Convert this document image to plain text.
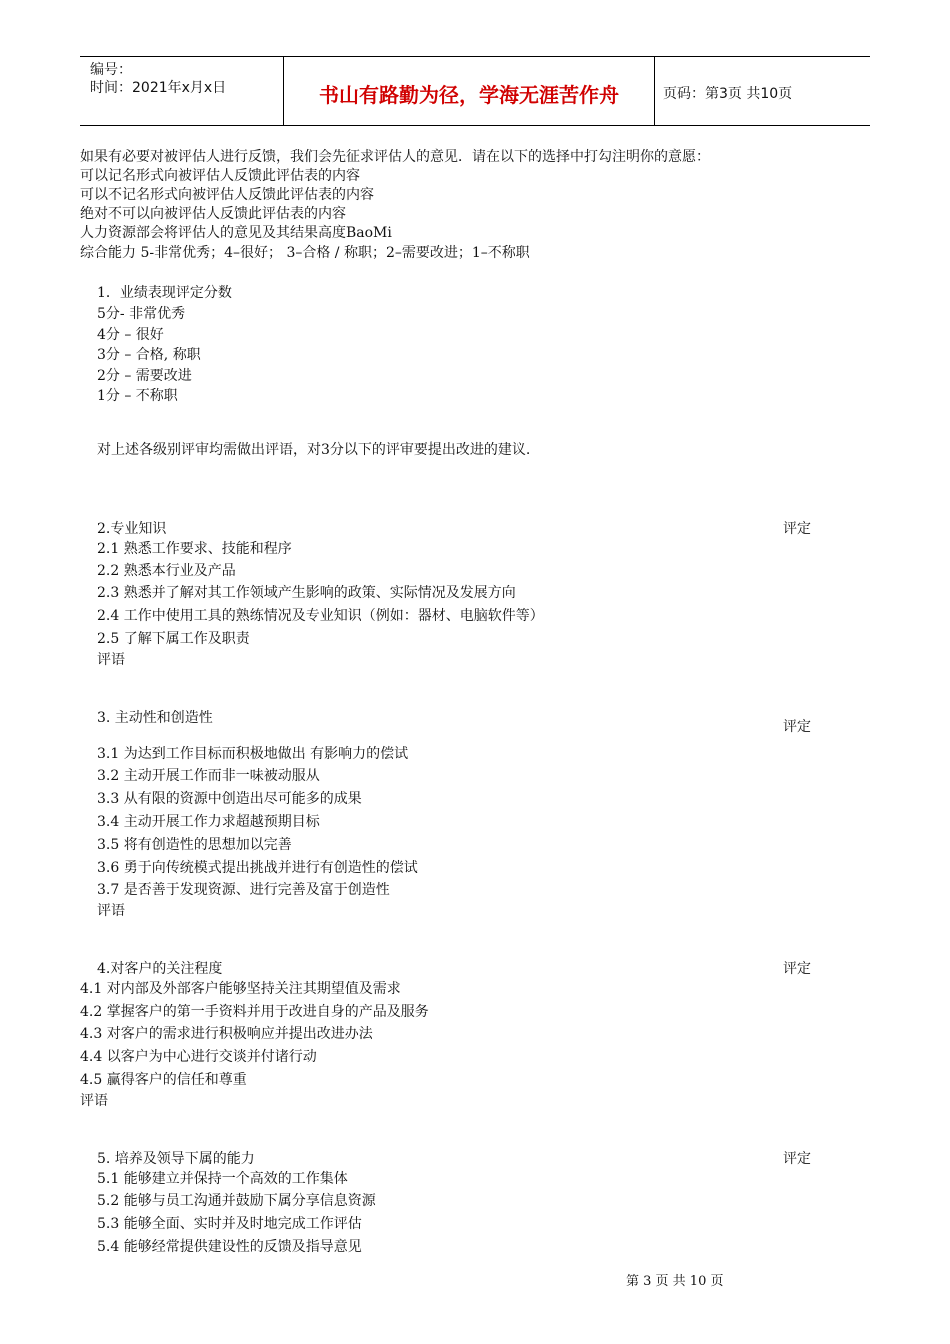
编号：
时间：2021年x月x日	书山有路勤为径，学海无涯苦作舟	页码：第3页 共10页
如果有必要对被评估人进行反馈，我们会先征求评估人的意见．请在以下的选择中打勾注明你的意愿：
可以记名形式向被评估人反馈此评估表的内容
可以不记名形式向被评估人反馈此评估表的内容
绝对不可以向被评估人反馈此评估表的内容
人力资源部会将评估人的意见及其结果高度BaoMi
综合能力 5-非常优秀；4–很好； 3–合格 / 称职；2–需要改进；1–不称职
1．业绩表现评定分数
5分- 非常优秀
4分 – 很好
3分 – 合格, 称职
2分 – 需要改进
1分 – 不称职
对上述各级别评审均需做出评语，对3分以下的评审要提出改进的建议.
2.专业知识	评定
2.1 熟悉工作要求、技能和程序
2.2 熟悉本行业及产品
2.3 熟悉并了解对其工作领域产生影响的政策、实际情况及发展方向
2.4 工作中使用工具的熟练情况及专业知识（例如：器材、电脑软件等）
2.5 了解下属工作及职责
评语
3. 主动性和创造性
评定
3.1 为达到工作目标而积极地做出 有影响力的偿试
3.2 主动开展工作而非一味被动服从
3.3 从有限的资源中创造出尽可能多的成果
3.4 主动开展工作力求超越预期目标
3.5 将有创造性的思想加以完善
3.6 勇于向传统模式提出挑战并进行有创造性的偿试
3.7 是否善于发现资源、进行完善及富于创造性
评语
4.对客户的关注程度	评定
4.1 对内部及外部客户能够坚持关注其期望值及需求
4.2 掌握客户的第一手资料并用于改进自身的产品及服务
4.3 对客户的需求进行积极响应并提出改进办法
4.4 以客户为中心进行交谈并付诸行动
4.5 赢得客户的信任和尊重
评语
5. 培养及领导下属的能力	评定
5.1 能够建立并保持一个高效的工作集体
5.2 能够与员工沟通并鼓励下属分享信息资源
5.3 能够全面、实时并及时地完成工作评估
5.4 能够经常提供建设性的反馈及指导意见
第 3 页 共 10 页
